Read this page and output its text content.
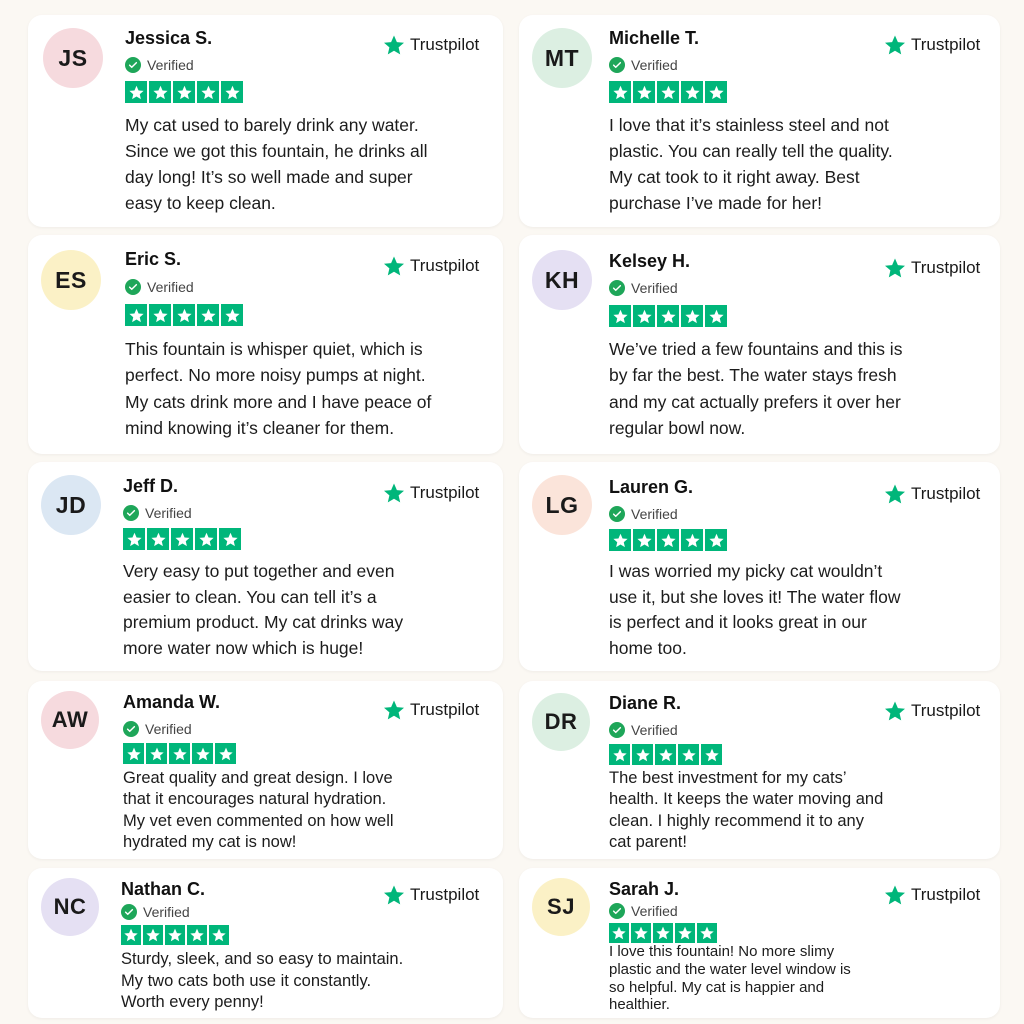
JS
Jessica S.
Verified
Trustpilot
My cat used to barely drink any water.
Since we got this fountain, he drinks all
day long! It’s so well made and super
easy to keep clean.
MT
Michelle T.
Verified
Trustpilot
I love that it’s stainless steel and not
plastic. You can really tell the quality.
My cat took to it right away. Best
purchase I’ve made for her!
ES
Eric S.
Verified
Trustpilot
This fountain is whisper quiet, which is
perfect. No more noisy pumps at night.
My cats drink more and I have peace of
mind knowing it’s cleaner for them.
KH
Kelsey H.
Verified
Trustpilot
We’ve tried a few fountains and this is
by far the best. The water stays fresh
and my cat actually prefers it over her
regular bowl now.
JD
Jeff D.
Verified
Trustpilot
Very easy to put together and even
easier to clean. You can tell it’s a
premium product. My cat drinks way
more water now which is huge!
LG
Lauren G.
Verified
Trustpilot
I was worried my picky cat wouldn’t
use it, but she loves it! The water flow
is perfect and it looks great in our
home too.
AW
Amanda W.
Verified
Trustpilot
Great quality and great design. I love
that it encourages natural hydration.
My vet even commented on how well
hydrated my cat is now!
DR
Diane R.
Verified
Trustpilot
The best investment for my cats’
health. It keeps the water moving and
clean. I highly recommend it to any
cat parent!
NC
Nathan C.
Verified
Trustpilot
Sturdy, sleek, and so easy to maintain.
My two cats both use it constantly.
Worth every penny!
SJ
Sarah J.
Verified
Trustpilot
I love this fountain! No more slimy
plastic and the water level window is
so helpful. My cat is happier and
healthier.
